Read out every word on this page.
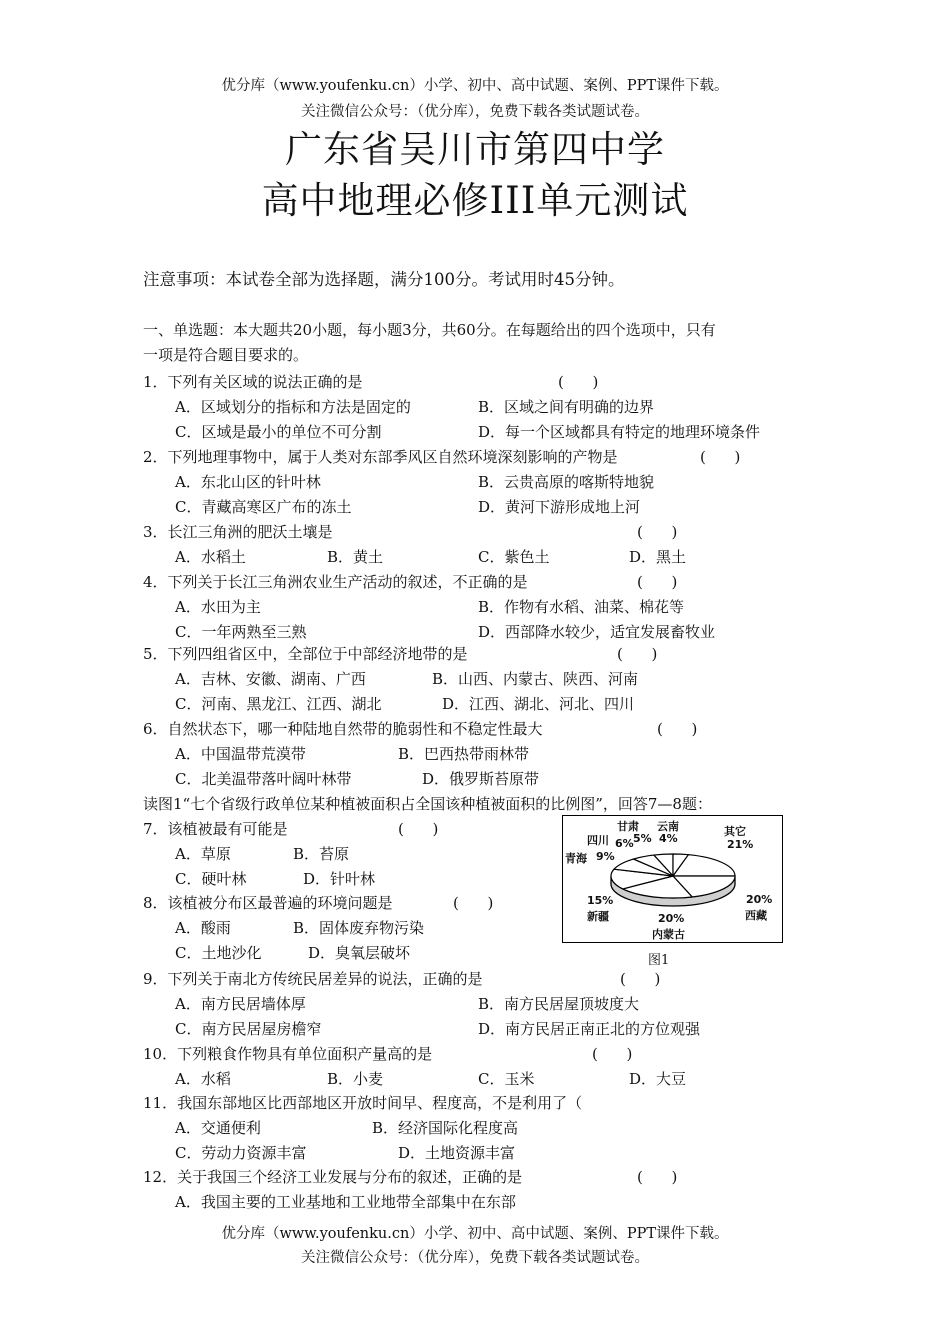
优分库（www.youfenku.cn）小学、初中、高中试题、案例、PPT课件下载。
关注微信公众号：（优分库），免费下载各类试题试卷。
广东省吴川市第四中学
高中地理必修III单元测试
注意事项：本试卷全部为选择题，满分100分。考试用时45分钟。
一、单选题：本大题共20小题，每小题3分，共60分。在每题给出的四个选项中，只有
一项是符合题目要求的。
1．下列有关区域的说法正确的是	(      )
A．区域划分的指标和方法是固定的	B．区域之间有明确的边界
C．区域是最小的单位不可分割	D．每一个区域都具有特定的地理环境条件
2．下列地理事物中，属于人类对东部季风区自然环境深刻影响的产物是	(      )
A．东北山区的针叶林	B．云贵高原的喀斯特地貌
C．青藏高寒区广布的冻土	D．黄河下游形成地上河
3．长江三角洲的肥沃土壤是	(      )
A．水稻土	B．黄土	C．紫色土	D．黑土
4．下列关于长江三角洲农业生产活动的叙述，不正确的是	(      )
A．水田为主	B．作物有水稻、油菜、棉花等
C．一年两熟至三熟	D．西部降水较少，适宜发展畜牧业
5．下列四组省区中，全部位于中部经济地带的是	(      )
A．吉林、安徽、湖南、广西	B．山西、内蒙古、陕西、河南
C．河南、黑龙江、江西、湖北	D．江西、湖北、河北、四川
6．自然状态下，哪一种陆地自然带的脆弱性和不稳定性最大	(      )
A．中国温带荒漠带	B．巴西热带雨林带
C．北美温带落叶阔叶林带	D．俄罗斯苔原带
读图1“七个省级行政单位某种植被面积占全国该种植被面积的比例图”，回答7—8题：
7．该植被最有可能是	(      )
A．草原	B．苔原
C．硬叶林	D．针叶林
8．该植被分布区最普遍的环境问题是	(      )
A．酸雨	B．固体废弃物污染
C．土地沙化	D．臭氧层破坏
甘肃 云南
5% 4%
四川 6%
青海 9%
其它
21%
15%
新疆	20%
内蒙古
20%
西藏
图1
9．下列关于南北方传统民居差异的说法，正确的是	(      )
A．南方民居墙体厚	B．南方民居屋顶坡度大
C．南方民居屋房檐窄	D．南方民居正南正北的方位观强
10．下列粮食作物具有单位面积产量高的是	(      )
A．水稻	B．小麦	C．玉米	D．大豆
11．我国东部地区比西部地区开放时间早、程度高，不是利用了（
A．交通便利	B．经济国际化程度高
C．劳动力资源丰富	D．土地资源丰富
12．关于我国三个经济工业发展与分布的叙述，正确的是	(      )
A．我国主要的工业基地和工业地带全部集中在东部
优分库（www.youfenku.cn）小学、初中、高中试题、案例、PPT课件下载。
关注微信公众号：（优分库），免费下载各类试题试卷。
